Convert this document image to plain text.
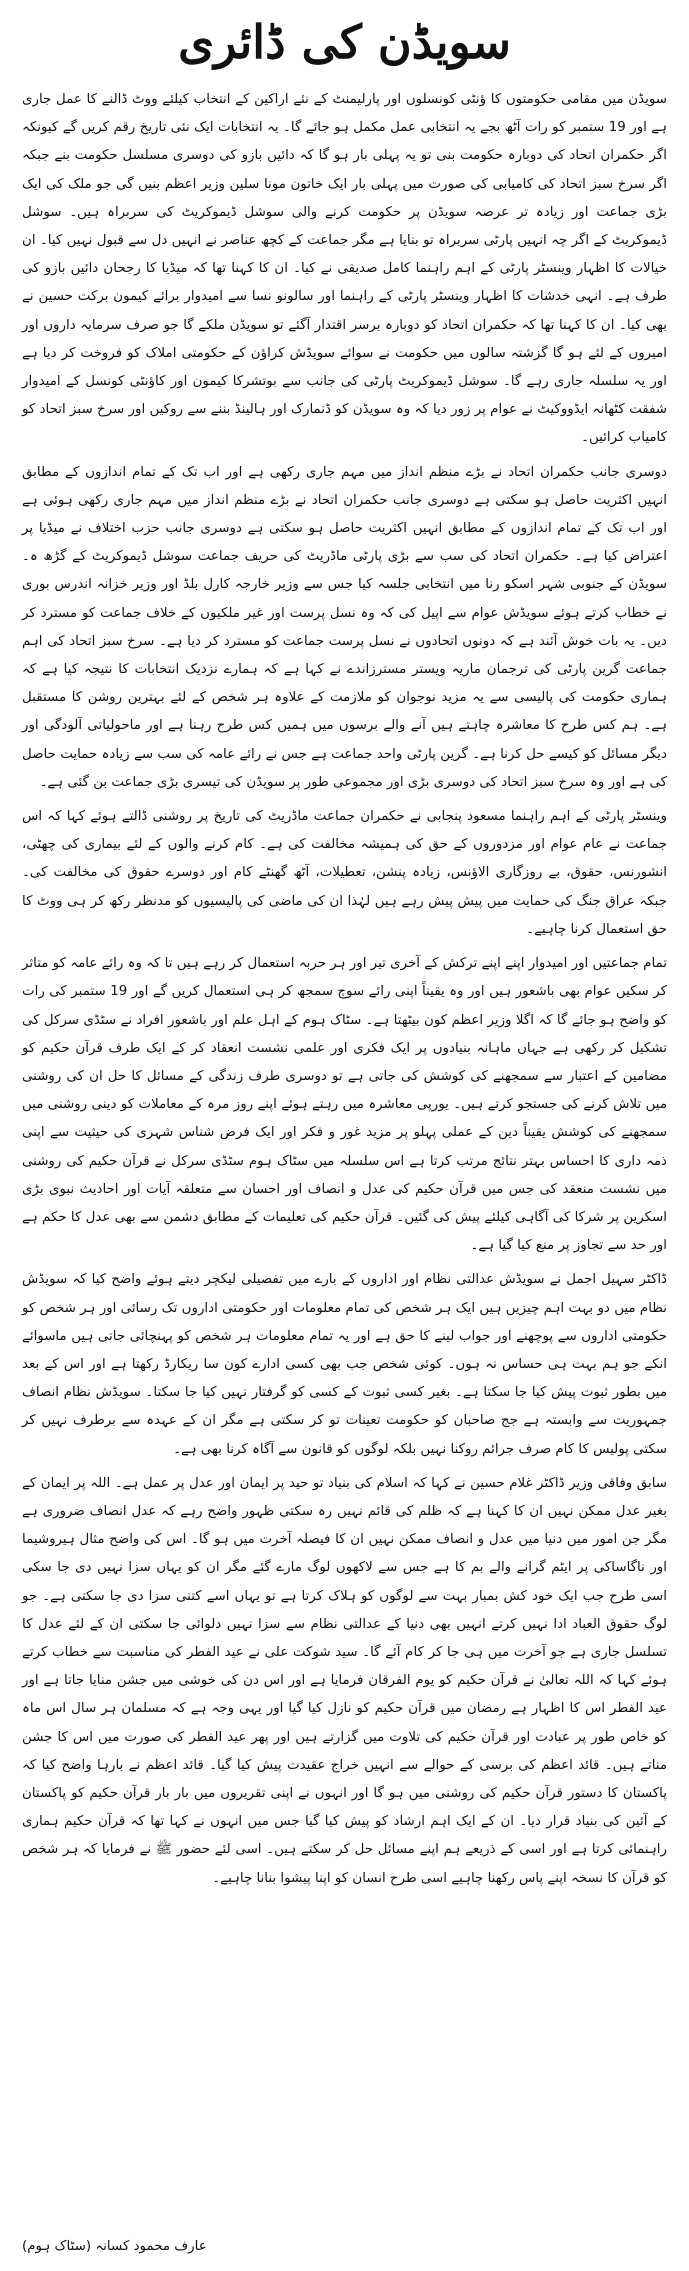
سویڈن کی ڈائری

سویڈن میں مقامی حکومتوں کا ؤنٹی کونسلوں اور پارلیمنٹ کے نئے اراکین کے انتخاب کیلئے ووٹ ڈالنے کا عمل جاری ہے اور 19 ستمبر کو رات آٹھ بجے یہ انتخابی عمل مکمل ہو جائے گا۔ یہ انتخابات ایک نئی تاریخ رقم کریں گے کیونکہ اگر حکمران اتحاد کی دوبارہ حکومت بنی تو یہ پہلی بار ہو گا کہ دائیں بازو کی دوسری مسلسل حکومت بنے جبکہ اگر سرخ سبز اتحاد کی کامیابی کی صورت میں پہلی بار ایک خاتون مونا سلین وزیر اعظم بنیں گی جو ملک کی ایک بڑی جماعت اور زیادہ تر عرصہ سویڈن پر حکومت کرنے والی سوشل ڈیموکریٹ کی سربراہ ہیں۔ سوشل ڈیموکریٹ کے اگر چہ انہیں پارٹی سربراہ تو بنایا ہے مگر جماعت کے کچھ عناصر نے انہیں دل سے قبول نہیں کیا۔ ان خیالات کا اظہار وینسٹر پارٹی کے اہم راہنما کامل صدیقی نے کیا۔ ان کا کہنا تھا کہ میڈیا کا رجحان دائیں بازو کی طرف ہے۔ انہی خدشات کا اظہار وینسٹر پارٹی کے راہنما اور سالونو نسا سے امیدوار برائے کیمون برکت حسین نے بھی کیا۔ ان کا کہنا تھا کہ حکمران اتحاد کو دوبارہ برسر اقتدار آگئے تو سویڈن ملکے گا جو صرف سرمایہ داروں اور امیروں کے لئے ہو گا گزشتہ سالوں میں حکومت نے سوائے سویڈش کراؤن کے حکومتی املاک کو فروخت کر دیا ہے اور یہ سلسلہ جاری رہے گا۔ سوشل ڈیموکریٹ پارٹی کی جانب سے بوتشرکا کیمون اور کاؤنٹی کونسل کے امیدوار شفقت کٹھانہ ایڈووکیٹ نے عوام پر زور دیا کہ وہ سویڈن کو ڈنمارک اور ہالینڈ بننے سے روکیں اور سرخ سبز اتحاد کو کامیاب کرائیں۔

دوسری جانب حکمران اتحاد نے بڑے منظم انداز میں مہم جاری رکھی ہے اور اب تک کے تمام اندازوں کے مطابق انہیں اکثریت حاصل ہو سکتی ہے دوسری جانب حکمران اتحاد نے بڑے منظم انداز میں مہم جاری رکھی ہوئی ہے اور اب تک کے تمام اندازوں کے مطابق انہیں اکثریت حاصل ہو سکتی ہے دوسری جانب حزب اختلاف نے میڈیا پر اعتراض کیا ہے۔ حکمران اتحاد کی سب سے بڑی پارٹی ماڈریٹ کی حریف جماعت سوشل ڈیموکریٹ کے گڑھ ہ۔ سویڈن کے جنوبی شہر اسکو رنا میں انتخابی جلسہ کیا جس سے وزیر خارجہ کارل بلڈ اور وزیر خزانہ اندرس بوری نے خطاب کرتے ہوئے سویڈش عوام سے اپیل کی کہ وہ نسل پرست اور غیر ملکیوں کے خلاف جماعت کو مسترد کر دیں۔ یہ بات خوش آئند ہے کہ دونوں اتحادوں نے نسل پرست جماعت کو مسترد کر دیا ہے۔ سرخ سبز اتحاد کی اہم جماعت گرین پارٹی کی ترجمان ماریہ ویستر مسترزاندے نے کہا ہے کہ ہمارے نزدیک انتخابات کا نتیجہ کیا ہے کہ ہماری حکومت کی پالیسی سے یہ مزید نوجوان کو ملازمت کے علاوہ ہر شخص کے لئے بہترین روشن کا مستقبل ہے۔ ہم کس طرح کا معاشرہ چاہتے ہیں آنے والے برسوں میں ہمیں کس طرح رہنا ہے اور ماحولیاتی آلودگی اور دیگر مسائل کو کیسے حل کرنا ہے۔ گرین پارٹی واحد جماعت ہے جس نے رائے عامہ کی سب سے زیادہ حمایت حاصل کی ہے اور وہ سرخ سبز اتحاد کی دوسری بڑی اور مجموعی طور پر سویڈن کی تیسری بڑی جماعت بن گئی ہے۔

وینسٹر پارٹی کے اہم راہنما مسعود پنجابی نے حکمران جماعت ماڈریٹ کی تاریخ پر روشنی ڈالتے ہوئے کہا کہ اس جماعت نے عام عوام اور مزدوروں کے حق کی ہمیشہ مخالفت کی ہے۔ کام کرنے والوں کے لئے بیماری کی چھٹی، انشورنس، حقوق، بے روزگاری الاؤنس، زیادہ پنشن، تعطیلات، آٹھ گھنٹے کام اور دوسرے حقوق کی مخالفت کی۔ جبکہ عراق جنگ کی حمایت میں پیش پیش رہے ہیں لہٰذا ان کی ماضی کی پالیسیوں کو مدنظر رکھ کر ہی ووٹ کا حق استعمال کرنا چاہیے۔

تمام جماعتیں اور امیدوار اپنے اپنے ترکش کے آخری تیر اور ہر حربہ استعمال کر رہے ہیں تا کہ وہ رائے عامہ کو متاثر کر سکیں عوام بھی باشعور ہیں اور وہ یقیناً اپنی رائے سوچ سمجھ کر ہی استعمال کریں گے اور 19 ستمبر کی رات کو واضح ہو جائے گا کہ اگلا وزیر اعظم کون بیٹھتا ہے۔ سٹاک ہوم کے اہل علم اور باشعور افراد نے سٹڈی سرکل کی تشکیل کر رکھی ہے جہاں ماہانہ بنیادوں پر ایک فکری اور علمی نشست انعقاد کر کے ایک طرف قرآن حکیم کو مضامین کے اعتبار سے سمجھنے کی کوشش کی جاتی ہے تو دوسری طرف زندگی کے مسائل کا حل ان کی روشنی میں تلاش کرنے کی جستجو کرتے ہیں۔ یورپی معاشرہ میں رہتے ہوئے اپنے روز مرہ کے معاملات کو دینی روشنی میں سمجھنے کی کوشش یقیناً دین کے عملی پہلو پر مزید غور و فکر اور ایک فرض شناس شہری کی حیثیت سے اپنی ذمہ داری کا احساس بہتر نتائج مرتب کرتا ہے اس سلسلہ میں سٹاک ہوم سٹڈی سرکل نے قرآن حکیم کی روشنی میں نشست منعقد کی جس میں قرآن حکیم کی عدل و انصاف اور احسان سے متعلقہ آیات اور احادیث نبوی بڑی اسکرین پر شرکا کی آگاہی کیلئے پیش کی گئیں۔ قرآن حکیم کی تعلیمات کے مطابق دشمن سے بھی عدل کا حکم ہے اور حد سے تجاوز پر منع کیا گیا ہے۔

ڈاکٹر سہیل اجمل نے سویڈش عدالتی نظام اور اداروں کے بارے میں تفصیلی لیکچر دیتے ہوئے واضح کیا کہ سویڈش نظام میں دو بہت اہم چیزیں ہیں ایک ہر شخص کی تمام معلومات اور حکومتی اداروں تک رسائی اور ہر شخص کو حکومتی اداروں سے پوچھنے اور جواب لینے کا حق ہے اور یہ تمام معلومات ہر شخص کو پہنچائی جاتی ہیں ماسوائے انکے جو ہم بہت ہی حساس نہ ہوں۔ کوئی شخص جب بھی کسی ادارے کون سا ریکارڈ رکھتا ہے اور اس کے بعد میں بطور ثبوت پیش کیا جا سکتا ہے۔ بغیر کسی ثبوت کے کسی کو گرفتار نہیں کیا جا سکتا۔ سویڈش نظام انصاف جمہوریت سے وابستہ ہے جج صاحبان کو حکومت تعینات تو کر سکتی ہے مگر ان کے عہدہ سے برطرف نہیں کر سکتی پولیس کا کام صرف جرائم روکنا نہیں بلکہ لوگوں کو قانون سے آگاہ کرنا بھی ہے۔

سابق وفاقی وزیر ڈاکٹر غلام حسین نے کہا کہ اسلام کی بنیاد تو حید پر ایمان اور عدل پر عمل ہے۔ اللہ پر ایمان کے بغیر عدل ممکن نہیں ان کا کہنا ہے کہ ظلم کی قائم نہیں رہ سکتی ظہور واضح رہے کہ عدل انصاف ضروری ہے مگر جن امور میں دنیا میں عدل و انصاف ممکن نہیں ان کا فیصلہ آخرت میں ہو گا۔ اس کی واضح مثال ہیروشیما اور ناگاساکی پر ایٹم گرانے والے بم کا ہے جس سے لاکھوں لوگ مارے گئے مگر ان کو یہاں سزا نہیں دی جا سکی اسی طرح جب ایک خود کش بمبار بہت سے لوگوں کو ہلاک کرتا ہے تو یہاں اسے کتنی سزا دی جا سکتی ہے۔ جو لوگ حقوق العباد ادا نہیں کرتے انہیں بھی دنیا کے عدالتی نظام سے سزا نہیں دلوائی جا سکتی ان کے لئے عدل کا تسلسل جاری ہے جو آخرت میں ہی جا کر کام آئے گا۔ سید شوکت علی نے عید الفطر کی مناسبت سے خطاب کرتے ہوئے کہا کہ اللہ تعالیٰ نے قرآن حکیم کو یوم الفرقان فرمایا ہے اور اس دن کی خوشی میں جشن منایا جاتا ہے اور عید الفطر اس کا اظہار ہے رمضان میں قرآن حکیم کو نازل کیا گیا اور یہی وجہ ہے کہ مسلمان ہر سال اس ماہ کو خاص طور پر عبادت اور قرآن حکیم کی تلاوت میں گزارتے ہیں اور پھر عید الفطر کی صورت میں اس کا جشن مناتے ہیں۔ قائد اعظم کی برسی کے حوالے سے انہیں خراج عقیدت پیش کیا گیا۔ قائد اعظم نے بارہا واضح کیا کہ پاکستان کا دستور قرآن حکیم کی روشنی میں ہو گا اور انہوں نے اپنی تقریروں میں بار بار قرآن حکیم کو پاکستان کے آئین کی بنیاد قرار دیا۔ ان کے ایک اہم ارشاد کو پیش کیا گیا جس میں انہوں نے کہا تھا کہ قرآن حکیم ہماری راہنمائی کرتا ہے اور اسی کے ذریعے ہم اپنے مسائل حل کر سکتے ہیں۔ اسی لئے حضور ﷺ نے فرمایا کہ ہر شخص کو قرآن کا نسخہ اپنے پاس رکھنا چاہیے اسی طرح انسان کو اپنا پیشوا بنانا چاہیے۔

عارف محمود کسانہ (سٹاک ہوم)
